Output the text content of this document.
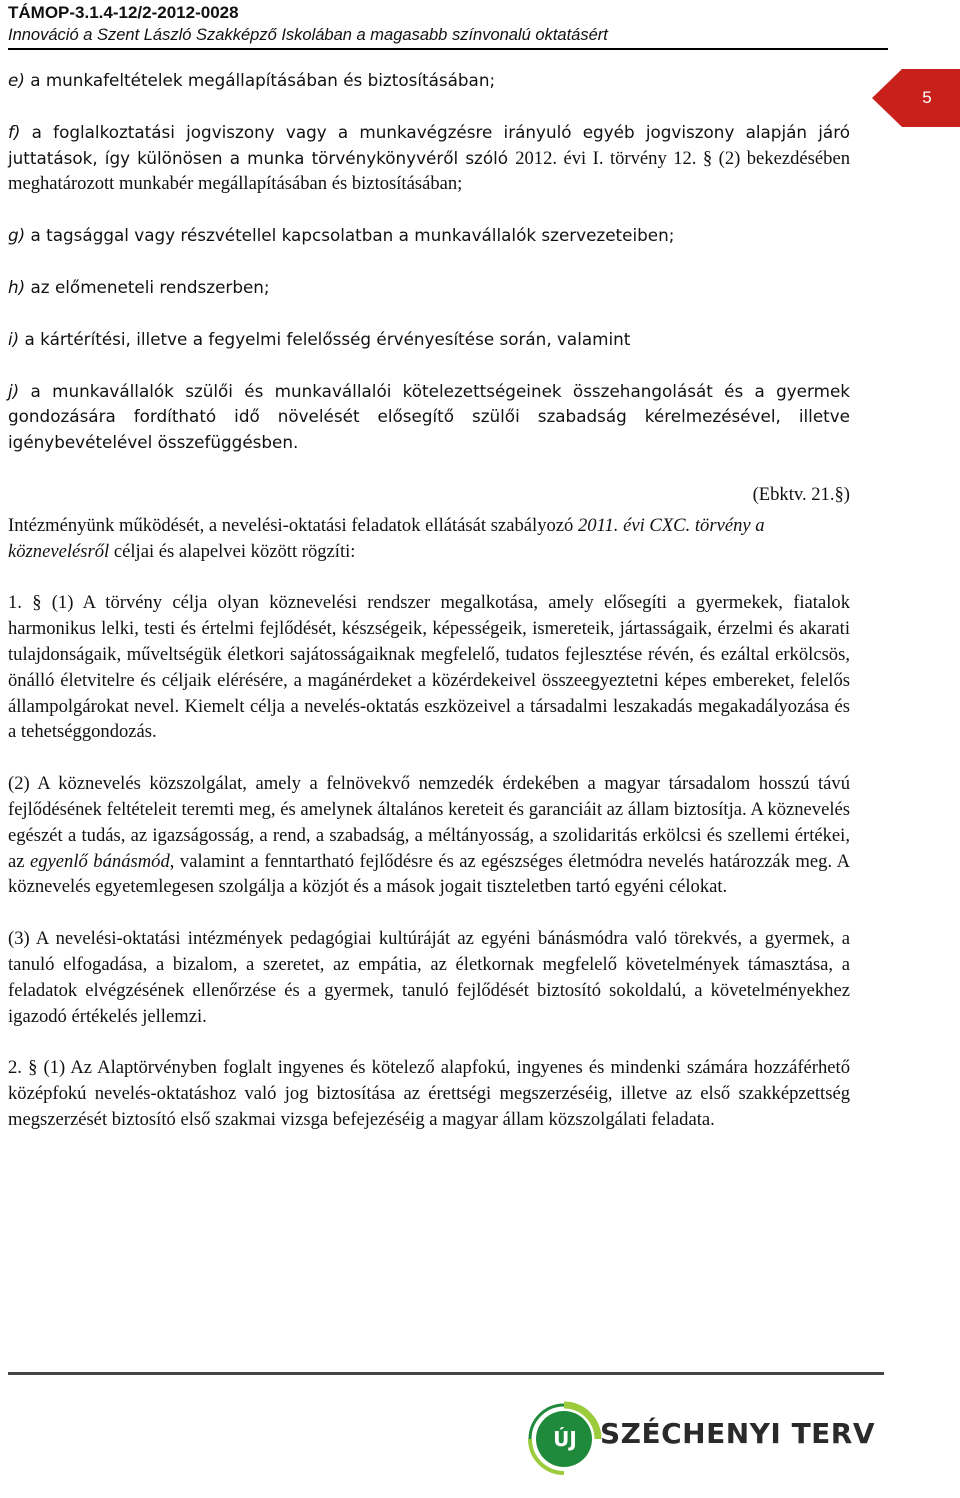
TÁMOP-3.1.4-12/2-2012-0028
Innováció a Szent László Szakképző Iskolában a magasabb színvonalú oktatásért
5

e) a munkafeltételek megállapításában és biztosításában;

f) a foglalkoztatási jogviszony vagy a munkavégzésre irányuló egyéb jogviszony alapján járó juttatások, így különösen a munka törvénykönyvéről szóló 2012. évi I. törvény 12. § (2) bekezdésében meghatározott munkabér megállapításában és biztosításában;

g) a tagsággal vagy részvétellel kapcsolatban a munkavállalók szervezeteiben;

h) az előmeneteli rendszerben;

i) a kártérítési, illetve a fegyelmi felelősség érvényesítése során, valamint

j) a munkavállalók szülői és munkavállalói kötelezettségeinek összehangolását és a gyermek gondozására fordítható idő növelését elősegítő szülői szabadság kérelmezésével, illetve igénybevételével összefüggésben.

(Ebktv. 21.§)

Intézményünk működését, a nevelési-oktatási feladatok ellátását szabályozó 2011. évi CXC. törvény a köznevelésről céljai és alapelvei között rögzíti:

1. § (1) A törvény célja olyan köznevelési rendszer megalkotása, amely elősegíti a gyermekek, fiatalok harmonikus lelki, testi és értelmi fejlődését, készségeik, képességeik, ismereteik, jártasságaik, érzelmi és akarati tulajdonságaik, műveltségük életkori sajátosságaiknak megfelelő, tudatos fejlesztése révén, és ezáltal erkölcsös, önálló életvitelre és céljaik elérésére, a magánérdeket a közérdekeivel összeegyeztetni képes embereket, felelős állampolgárokat nevel. Kiemelt célja a nevelés-oktatás eszközeivel a társadalmi leszakadás megakadályozása és a tehetséggondozás.

(2) A köznevelés közszolgálat, amely a felnövekvő nemzedék érdekében a magyar társadalom hosszú távú fejlődésének feltételeit teremti meg, és amelynek általános kereteit és garanciáit az állam biztosítja. A köznevelés egészét a tudás, az igazságosság, a rend, a szabadság, a méltányosság, a szolidaritás erkölcsi és szellemi értékei, az egyenlő bánásmód, valamint a fenntartható fejlődésre és az egészséges életmódra nevelés határozzák meg. A köznevelés egyetemlegesen szolgálja a közjót és a mások jogait tiszteletben tartó egyéni célokat.

(3) A nevelési-oktatási intézmények pedagógiai kultúráját az egyéni bánásmódra való törekvés, a gyermek, a tanuló elfogadása, a bizalom, a szeretet, az empátia, az életkornak megfelelő követelmények támasztása, a feladatok elvégzésének ellenőrzése és a gyermek, tanuló fejlődését biztosító sokoldalú, a követelményekhez igazodó értékelés jellemzi.

2. § (1) Az Alaptörvényben foglalt ingyenes és kötelező alapfokú, ingyenes és mindenki számára hozzáférhető középfokú nevelés-oktatáshoz való jog biztosítása az érettségi megszerzéséig, illetve az első szakképzettség megszerzését biztosító első szakmai vizsga befejezéséig a magyar állam közszolgálati feladata.

ÚJ SZÉCHENYI TERV
